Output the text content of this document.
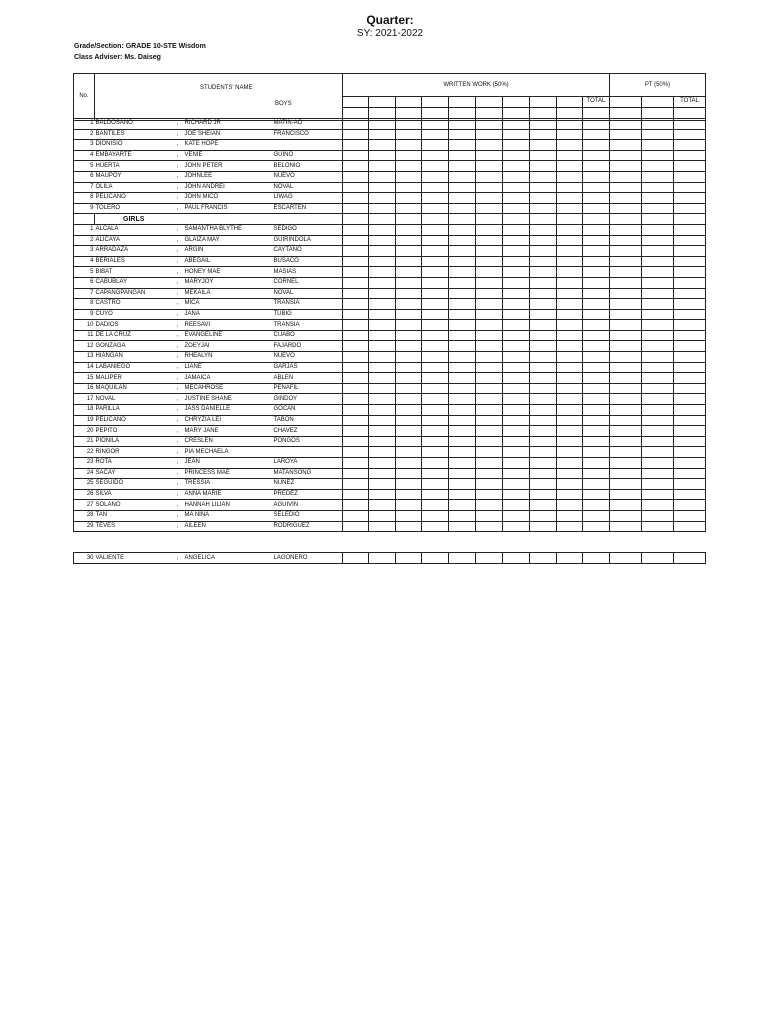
Quarter:
SY: 2021-2022
Grade/Section: GRADE 10-STE Wisdom
Class Adviser: Ms. Daiseg
No.	STUDENTS' NAME
BOYS	WRITTEN WORK (50%)										PT (50%)		
											TOTAL			TOTAL

1	BALDOSANO	,	RICHARD JR	MATIN-AO													
2	BANTILES	,	JOE SHEIAN	FRANCISCO													
3	DIONISIO	,	KATE HOPE														
4	EMBAYARTE	,	VENIE	GUINO													
5	HUERTA	,	JOHN PETER	BELONIO													
6	MAUPOY	,	JOHNLEE	NUEVO													
7	OLILA	,	JOHN ANDREI	NOVAL													
8	PELICANO	,	JOHN MICO	LIWAG													
9	TOLERO	,	PAUL FRANCIS	ESCARTEN													
	GIRLS																
1	ALCALA	,	SAMANTHA BLYTHE	SEDIGO													
2	ALICAYA	,	GLAIZA MAY	GUIRINDOLA													
3	ARRADAZA	,	ARGIN	CAYTANO													
4	BERIALES	,	ABEGAIL	BUSACO													
5	BIBAT	,	HONEY MAE	MASIAS													
6	CABUBLAY	,	MARYJOY	CORNEL													
7	CAPANGPANGAN	,	MEKAILA	NOVAL													
8	CASTRO	,	MICA	TRANSIA													
9	CUYO	,	JANA	TUBIG													
10	DADIOS	,	REESAVI	TRANSIA													
11	DE LA CRUZ	,	EVANGELINE	CUABO													
12	GONZAGA	,	ZOEYJAI	FAJARDO													
13	HIANGAN	,	RHEALYN	NUEVO													
14	LABANIEGO	,	LIANE	GARJAS													
15	MALIPER	,	JAMAICA	ABLEN													
16	MAQUILAN	,	MECAHROSE	PENAFIL													
17	NOVAL	,	JUSTINE SHANE	GINDOY													
18	PARILLA	,	JASS DANIELLE	GOCAN													
19	PELICANO	,	CHRYZIA LEI	TABON													
20	PEPITO	,	MARY JANE	CHAVEZ													
21	PIONILA	,	CRESLEN	PONGOS													
22	RINGOR	,	PIA MECHAELA														
23	ROTA	,	JEAN	LAROYA													
24	SACAY	,	PRINCESS MAE	MATANSONG													
25	SEGUIDO	,	TRESSIA	NUÑEZ													
26	SILVA	,	ANNA MARIE	PREDEZ													
27	SOLANO	,	HANNAH LILIAN	AGUIVIN													
28	TAN	,	MA NIÑA	SELEDIO													
29	TEVES	,	AILEEN	RODRIGUEZ													
30	VALIENTE	,	ANGELICA	LAGONERO													
